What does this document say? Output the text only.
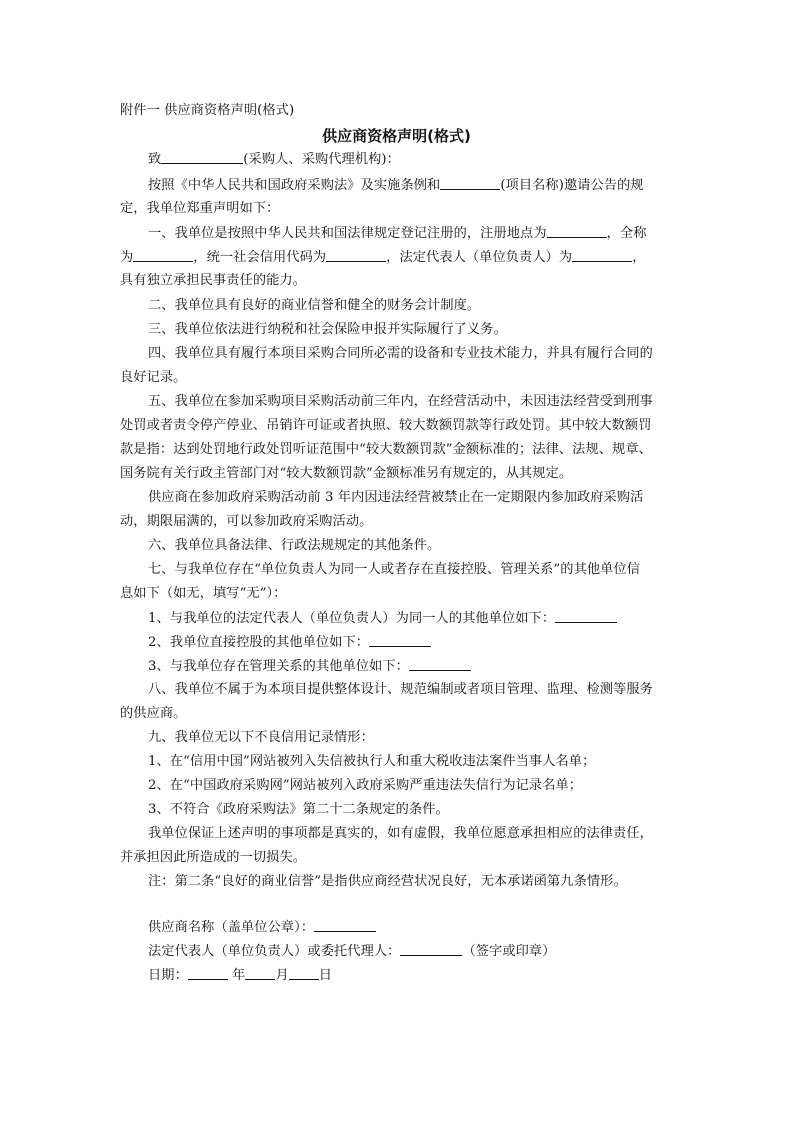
附件一 供应商资格声明(格式)
供应商资格声明(格式)
致	(采购人、采购代理机构)：
按照《中华人民共和国政府采购法》及实施条例和	(项目名称)邀请公告的规
定，我单位郑重声明如下：
一、我单位是按照中华人民共和国法律规定登记注册的，注册地点为	，全称
为	，统一社会信用代码为	，法定代表人（单位负责人）为	，
具有独立承担民事责任的能力。
二、我单位具有良好的商业信誉和健全的财务会计制度。
三、我单位依法进行纳税和社会保险申报并实际履行了义务。
四、我单位具有履行本项目采购合同所必需的设备和专业技术能力，并具有履行合同的
良好记录。
五、我单位在参加采购项目采购活动前三年内，在经营活动中，未因违法经营受到刑事
处罚或者责令停产停业、吊销许可证或者执照、较大数额罚款等行政处罚。其中较大数额罚
款是指：达到处罚地行政处罚听证范围中“较大数额罚款”金额标准的；法律、法规、规章、
国务院有关行政主管部门对“较大数额罚款”金额标准另有规定的，从其规定。
供应商在参加政府采购活动前 3 年内因违法经营被禁止在一定期限内参加政府采购活
动，期限届满的，可以参加政府采购活动。
六、我单位具备法律、行政法规规定的其他条件。
七、与我单位存在“单位负责人为同一人或者存在直接控股、管理关系”的其他单位信
息如下（如无，填写“无”）：
1、与我单位的法定代表人（单位负责人）为同一人的其他单位如下：
2、我单位直接控股的其他单位如下：
3、与我单位存在管理关系的其他单位如下：
八、我单位不属于为本项目提供整体设计、规范编制或者项目管理、监理、检测等服务
的供应商。
九、我单位无以下不良信用记录情形：
1、在“信用中国”网站被列入失信被执行人和重大税收违法案件当事人名单；
2、在“中国政府采购网”网站被列入政府采购严重违法失信行为记录名单；
3、不符合《政府采购法》第二十二条规定的条件。
我单位保证上述声明的事项都是真实的，如有虚假，我单位愿意承担相应的法律责任，
并承担因此所造成的一切损失。
注：第二条“良好的商业信誉”是指供应商经营状况良好，无本承诺函第九条情形。
供应商名称（盖单位公章）：
法定代表人（单位负责人）或委托代理人：	（签字或印章）
日期：	年 月 日
